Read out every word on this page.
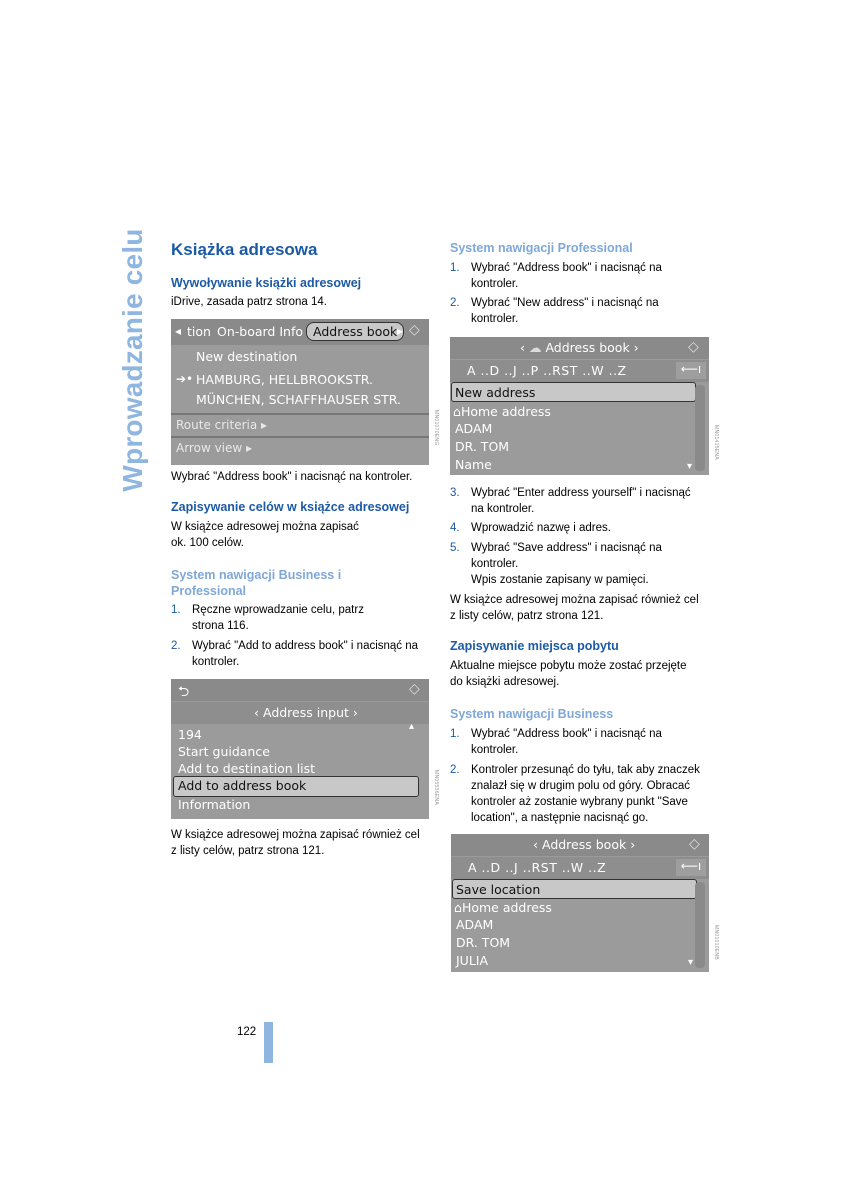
Wprowadzanie celu Książka adresowa
Wywoływanie książki adresowej
iDrive, zasada patrz strona 14.
◂ tion On-board Info Address book ▸ ◇
New destination
➔• HAMBURG, HELLBROOKSTR.
MÜNCHEN, SCHAFFHAUSER STR.
Route criteria ▸
Arrow view ▸
MN01070ENG
Wybrać "Address book" i nacisnąć na kontroler.
Zapisywanie celów w książce adresowej
W książce adresowej można zapisać
ok. 100 celów.
System nawigacji Business i
Professional
1. Ręczne wprowadzanie celu, patrz
strona 116.
2. Wybrać "Add to address book" i nacisnąć na
kontroler.
⮌	◇
‹ Address input ›
194
Start guidance
Add to destination list
Add to address book
Information
▴
MN05536ENA
W książce adresowej można zapisać również cel
z listy celów, patrz strona 121.
System nawigacji Professional
1. Wybrać "Address book" i nacisnąć na
kontroler.
2. Wybrać "New address" i nacisnąć na
kontroler.
‹ ☁ Address book ›	◇
A ..D ..J ..P ..RST ..W ..Z	⟵ı
New address
⌂Home address
ADAM
DR. TOM
Name	▾
MN01415ENA
3. Wybrać "Enter address yourself" i nacisnąć
na kontroler.
4. Wprowadzić nazwę i adres.
5. Wybrać "Save address" i nacisnąć na
kontroler.
Wpis zostanie zapisany w pamięci.
W książce adresowej można zapisać również cel
z listy celów, patrz strona 121.
Zapisywanie miejsca pobytu
Aktualne miejsce pobytu może zostać przejęte
do książki adresowej.
System nawigacji Business
1. Wybrać "Address book" i nacisnąć na
kontroler.
2. Kontroler przesunąć do tyłu, tak aby znaczek
znalazł się w drugim polu od góry. Obracać
kontroler aż zostanie wybrany punkt "Save
location", a następnie nacisnąć go.
‹ Address book ›	◇
A ..D ..J ..RST ..W ..Z	⟵ı
Save location
⌂Home address
ADAM
DR. TOM
JULIA	▾
MN01010ENB
122
